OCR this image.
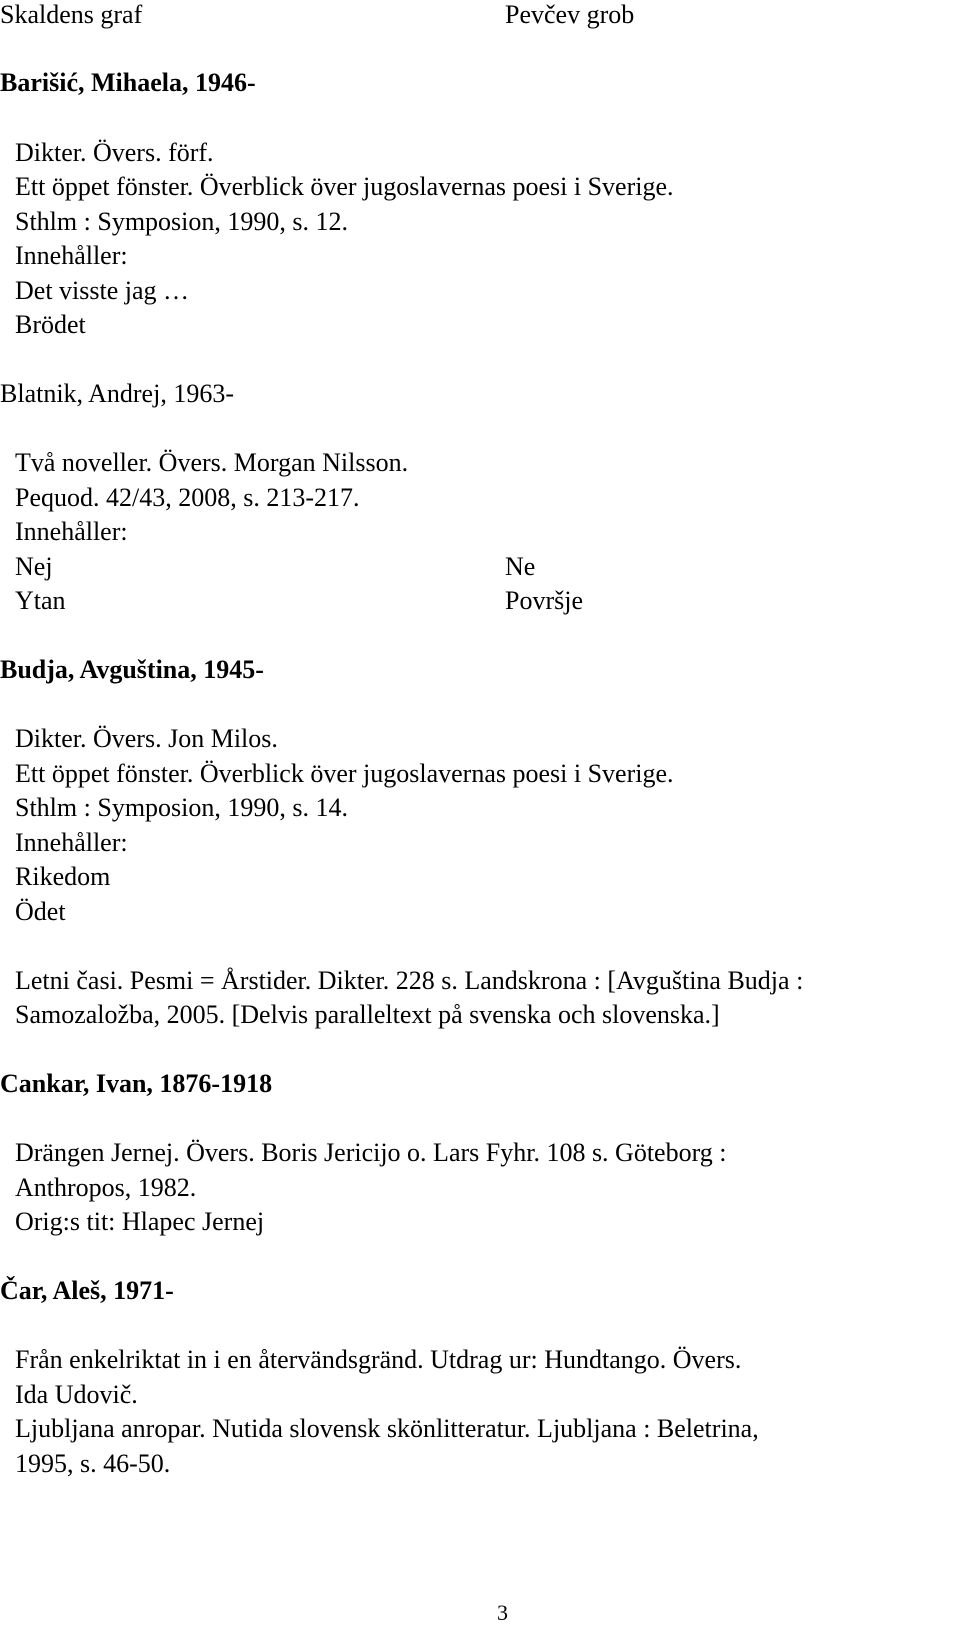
Skaldens graf	Pevčev grob
Barišić, Mihaela, 1946-
Dikter. Övers. förf.
Ett öppet fönster. Överblick över jugoslavernas poesi i Sverige.
Sthlm : Symposion, 1990, s. 12.
Innehåller:
Det visste jag …
Brödet
Blatnik, Andrej, 1963-
Två noveller. Övers. Morgan Nilsson.
Pequod. 42/43, 2008, s. 213-217.
Innehåller:
Nej	Ne
Ytan	Površje
Budja, Avguština, 1945-
Dikter. Övers. Jon Milos.
Ett öppet fönster. Överblick över jugoslavernas poesi i Sverige.
Sthlm : Symposion, 1990, s. 14.
Innehåller:
Rikedom
Ödet
Letni časi. Pesmi = Årstider. Dikter. 228 s. Landskrona : [Avguština Budja :
Samozaložba, 2005. [Delvis paralleltext på svenska och slovenska.]
Cankar, Ivan, 1876-1918
Drängen Jernej. Övers. Boris Jericijo o. Lars Fyhr. 108 s. Göteborg :
Anthropos, 1982.
Orig:s tit: Hlapec Jernej
Čar, Aleš, 1971-
Från enkelriktat in i en återvändsgränd. Utdrag ur: Hundtango. Övers.
Ida Udovič.
Ljubljana anropar. Nutida slovensk skönlitteratur. Ljubljana : Beletrina,
1995, s. 46-50.
3
